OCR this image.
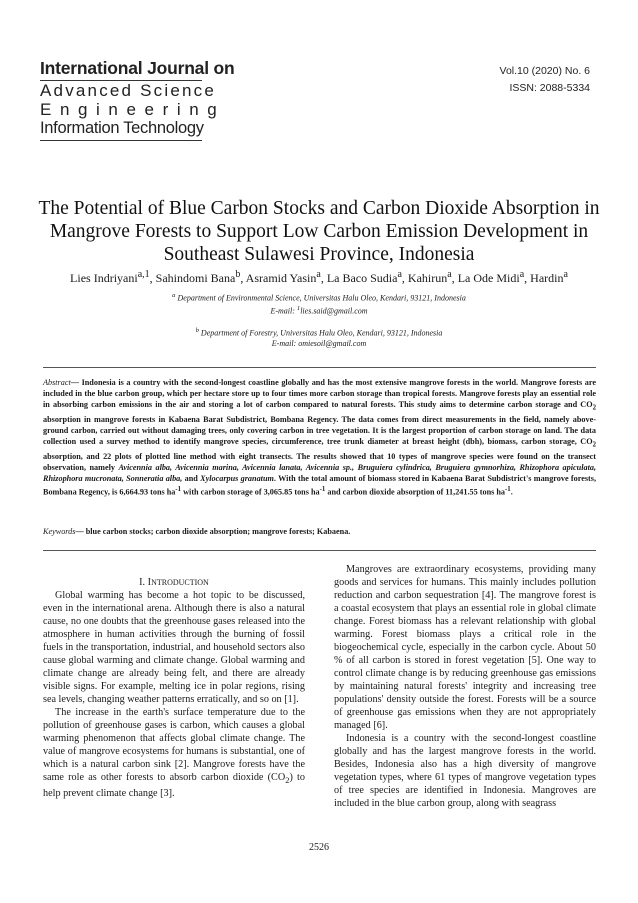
International Journal on
Advanced Science
Engineering
Information Technology
Vol.10 (2020) No. 6
ISSN: 2088-5334
The Potential of Blue Carbon Stocks and Carbon Dioxide Absorption in Mangrove Forests to Support Low Carbon Emission Development in Southeast Sulawesi Province, Indonesia
Lies Indriyani$^{a,1}$, Sahindomi Bana$^b$, Asramid Yasin$^a$, La Baco Sudia$^a$, Kahirun$^a$, La Ode Midi$^a$, Hardin$^a$
$^a$ Department of Environmental Science, Universitas Halu Oleo, Kendari, 93121, Indonesia
E-mail: $^1$lies.said@gmail.com
$^b$ Department of Forestry, Universitas Halu Oleo, Kendari, 93121, Indonesia
E-mail: omiesoil@gmail.com
Abstract— Indonesia is a country with the second-longest coastline globally and has the most extensive mangrove forests in the world. Mangrove forests are included in the blue carbon group, which per hectare store up to four times more carbon storage than tropical forests. Mangrove forests play an essential role in absorbing carbon emissions in the air and storing a lot of carbon compared to natural forests. This study aims to determine carbon storage and $CO_2$ absorption in mangrove forests in Kabaena Barat Subdistrict, Bombana Regency. The data comes from direct measurements in the field, namely above-ground carbon, carried out without damaging trees, only covering carbon in tree vegetation. It is the largest proportion of carbon storage on land. The data collection used a survey method to identify mangrove species, circumference, tree trunk diameter at breast height (dbh), biomass, carbon storage, $CO_2$ absorption, and 22 plots of plotted line method with eight transects. The results showed that 10 types of mangrove species were found on the transect observation, namely Avicennia alba, Avicennia marina, Avicennia lanata, Avicennia sp., Bruguiera cylindrica, Bruguiera gymnorhiza, Rhizophora apiculata, Rhizophora mucronata, Sonneratia alba, and Xylocarpus granatum. With the total amount of biomass stored in Kabaena Barat Subdistrict's mangrove forests, Bombana Regency, is 6,664.93 tons $ha^{-1}$ with carbon storage of 3,065.85 tons $ha^{-1}$ and carbon dioxide absorption of 11,241.55 tons $ha^{-1}$.
Keywords— blue carbon stocks; carbon dioxide absorption; mangrove forests; Kabaena.

I. INTRODUCTION

Global warming has become a hot topic to be discussed, even in the international arena. Although there is also a natural cause, no one doubts that the greenhouse gases released into the atmosphere in human activities through the burning of fossil fuels in the transportation, industrial, and household sectors also cause global warming and climate change. Global warming and climate change are already being felt, and there are already visible signs. For example, melting ice in polar regions, rising sea levels, changing weather patterns erratically, and so on [1].

The increase in the earth's surface temperature due to the pollution of greenhouse gases is carbon, which causes a global warming phenomenon that affects global climate change. The value of mangrove ecosystems for humans is substantial, one of which is a natural carbon sink [2]. Mangrove forests have the same role as other forests to absorb carbon dioxide $(CO_2)$ to help prevent climate change [3].

Mangroves are extraordinary ecosystems, providing many goods and services for humans. This mainly includes pollution reduction and carbon sequestration [4]. The mangrove forest is a coastal ecosystem that plays an essential role in global climate change. Forest biomass has a relevant relationship with global warming. Forest biomass plays a critical role in the biogeochemical cycle, especially in the carbon cycle. About 50 % of all carbon is stored in forest vegetation [5]. One way to control climate change is by reducing greenhouse gas emissions by maintaining natural forests' integrity and increasing tree populations' density outside the forest. Forests will be a source of greenhouse gas emissions when they are not appropriately managed [6].

Indonesia is a country with the second-longest coastline globally and has the largest mangrove forests in the world. Besides, Indonesia also has a high diversity of mangrove vegetation types, where 61 types of mangrove vegetation types of tree species are identified in Indonesia. Mangroves are included in the blue carbon group, along with seagrass

2526
